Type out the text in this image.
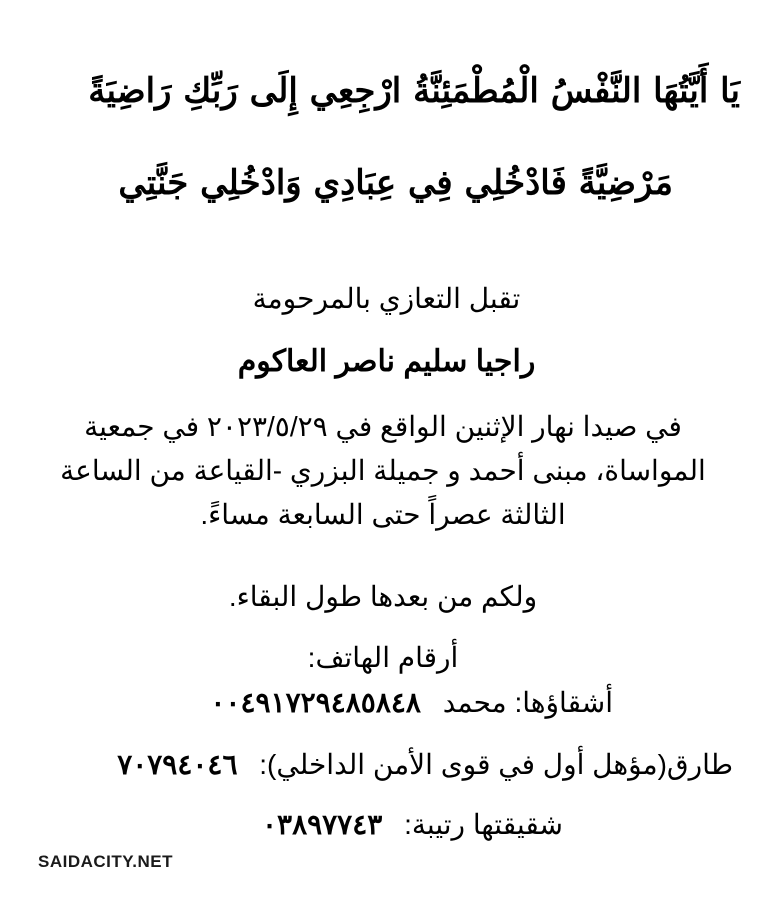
يَا أَيَّتُهَا النَّفْسُ الْمُطْمَئِنَّةُ ارْجِعِي إِلَى رَبِّكِ رَاضِيَةً
مَرْضِيَّةً فَادْخُلِي فِي عِبَادِي وَادْخُلِي جَنَّتِي
تقبل التعازي بالمرحومة
راجيا سليم ناصر العاكوم
في صيدا نهار الإثنين الواقع في ٢٠٢٣/٥/٢٩ في جمعية المواساة، مبنى أحمد و جميلة البزري -القياعة من الساعة الثالثة عصراً حتى السابعة مساءً.
ولكم من بعدها طول البقاء.
أرقام الهاتف:
أشقاؤها: محمد ٠٠٤٩١٧٢٩٤٨٥٨٤٨
طارق(مؤهل أول في قوى الأمن الداخلي): ٧٠٧٩٤٠٤٦
شقيقتها رتيبة: ٠٣٨٩٧٧٤٣
SAIDACITY.NET
